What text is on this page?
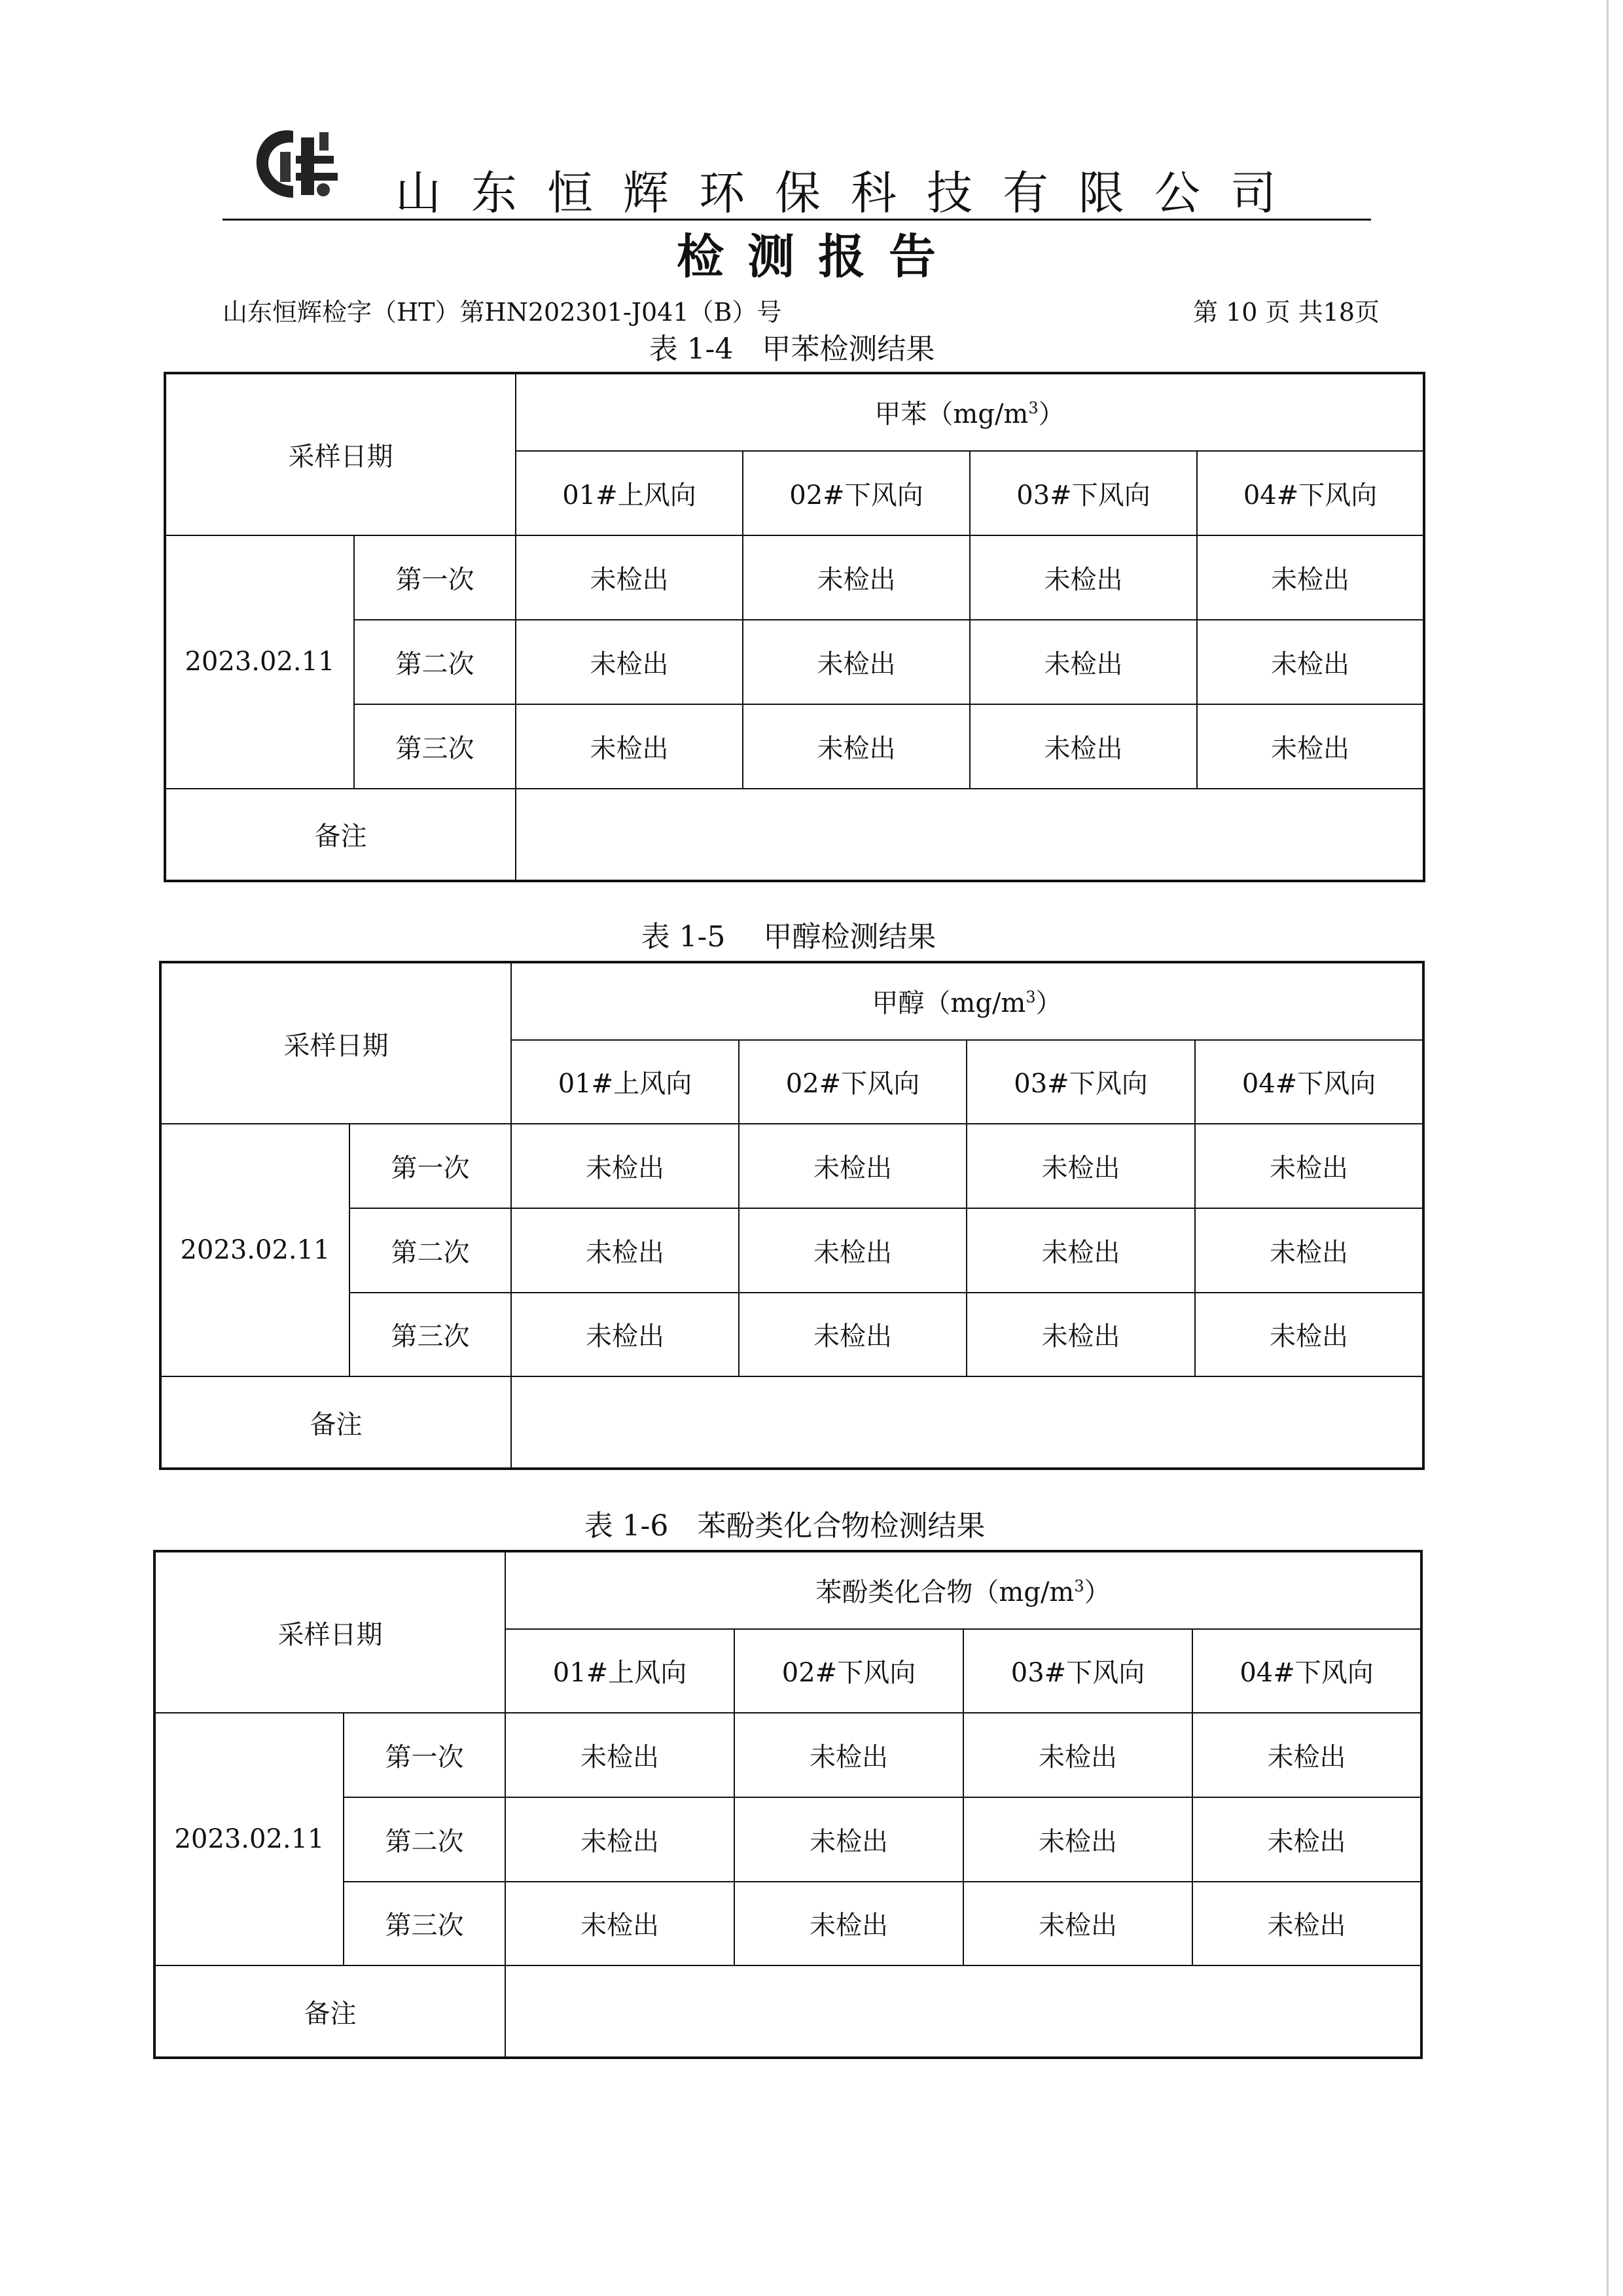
山东恒辉环保科技有限公司
检测报告
山东恒辉检字（HT）第HN202301-J041（B）号	第 10 页 共18页
表 1-4　甲苯检测结果
采样日期		甲苯$(mg/m^3)$			
		01#上风向	02#下风向	03#下风向	04#下风向
2023.02.11	第一次	未检出	未检出	未检出	未检出
	第二次	未检出	未检出	未检出	未检出
	第三次	未检出	未检出	未检出	未检出
备注					
表 1-5　 甲醇检测结果
采样日期		甲醇$(mg/m^3)$			
		01#上风向	02#下风向	03#下风向	04#下风向
2023.02.11	第一次	未检出	未检出	未检出	未检出
	第二次	未检出	未检出	未检出	未检出
	第三次	未检出	未检出	未检出	未检出
备注					
表 1-6　苯酚类化合物检测结果
采样日期		苯酚类化合物$(mg/m^3)$			
		01#上风向	02#下风向	03#下风向	04#下风向
2023.02.11	第一次	未检出	未检出	未检出	未检出
	第二次	未检出	未检出	未检出	未检出
	第三次	未检出	未检出	未检出	未检出
备注					
